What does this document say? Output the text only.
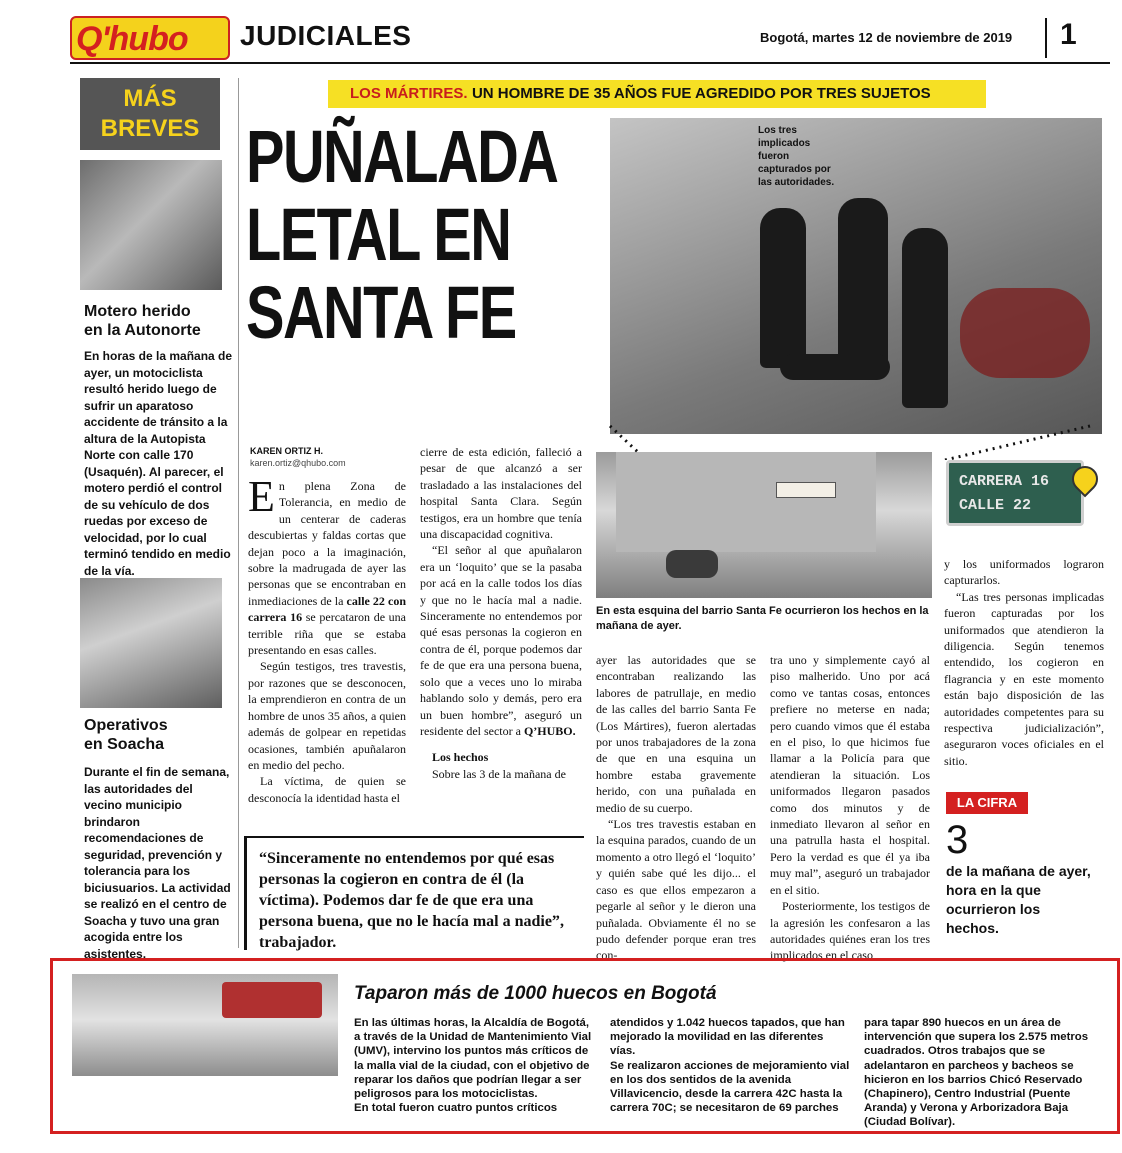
Q'hubo JUDICIALES	Bogotá, martes 12 de noviembre de 2019 1
MÁS
BREVES
Motero herido
en la Autonorte
En horas de la mañana de ayer, un motociclista resultó herido luego de sufrir un aparatoso accidente de tránsito a la altura de la Autopista Norte con calle 170 (Usaquén). Al parecer, el motero perdió el control de su vehículo de dos ruedas por exceso de velocidad, por lo cual terminó tendido en medio de la vía.
Operativos
en Soacha
Durante el fin de semana, las autoridades del vecino municipio brindaron recomendaciones de seguridad, prevención y tolerancia para los biciusuarios. La actividad se realizó en el centro de Soacha y tuvo una gran acogida entre los asistentes.
LOS MÁRTIRES. UN HOMBRE DE 35 AÑOS FUE AGREDIDO POR TRES SUJETOS
PUÑALADA
LETAL EN
SANTA FE
KAREN ORTIZ H.
karen.ortiz@qhubo.com

En plena Zona de Tolerancia, en medio de un centerar de caderas descubiertas y faldas cortas que dejan poco a la imaginación, sobre la madrugada de ayer las personas que se encontraban en inmediaciones de la calle 22 con carrera 16 se percataron de una terrible riña que se estaba presentando en esas calles.

Según testigos, tres travestis, por razones que se desconocen, la emprendieron en contra de un hombre de unos 35 años, a quien además de golpear en repetidas ocasiones, también apuñalaron en medio del pecho.

La víctima, de quien se desconocía la identidad hasta el

cierre de esta edición, falleció a pesar de que alcanzó a ser trasladado a las instalaciones del hospital Santa Clara. Según testigos, era un hombre que tenía una discapacidad cognitiva.

“El señor al que apuñalaron era un ‘loquito’ que se la pasaba por acá en la calle todos los días y que no le hacía mal a nadie. Sinceramente no entendemos por qué esas personas la cogieron en contra de él, porque podemos dar fe de que era una persona buena, solo que a veces uno lo miraba hablando solo y demás, pero era un buen hombre”, aseguró un residente del sector a Q’HUBO.

Los hechos

Sobre las 3 de la mañana de

“Sinceramente no entendemos por qué esas personas la cogieron en contra de él (la víctima). Podemos dar fe de que era una persona buena, que no le hacía mal a nadie”, trabajador.
Los tres implicados fueron capturados por las autoridades.
En esta esquina del barrio Santa Fe ocurrieron los hechos en la mañana de ayer.
CARRERA 16
CALLE 22

ayer las autoridades que se encontraban realizando las labores de patrullaje, en medio de las calles del barrio Santa Fe (Los Mártires), fueron alertadas por unos trabajadores de la zona de que en una esquina un hombre estaba gravemente herido, con una puñalada en medio de su cuerpo.

“Los tres travestis estaban en la esquina parados, cuando de un momento a otro llegó el ‘loquito’ y quién sabe qué les dijo... el caso es que ellos empezaron a pegarle al señor y le dieron una puñalada. Obviamente él no se pudo defender porque eran tres con-

tra uno y simplemente cayó al piso malherido. Uno por acá como ve tantas cosas, entonces prefiere no meterse en nada; pero cuando vimos que él estaba en el piso, lo que hicimos fue llamar a la Policía para que atendieran la situación. Los uniformados llegaron pasados como dos minutos y de inmediato llevaron al señor en una patrulla hasta el hospital. Pero la verdad es que él ya iba muy mal”, aseguró un trabajador en el sitio.

Posteriormente, los testigos de la agresión les confesaron a las autoridades quiénes eran los tres implicados en el caso

y los uniformados lograron capturarlos.

“Las tres personas implicadas fueron capturadas por los uniformados que atendieron la diligencia. Según tenemos entendido, los cogieron en flagrancia y en este momento están bajo disposición de las autoridades competentes para su respectiva judicialización”, aseguraron voces oficiales en el sitio.

LA CIFRA
3
de la mañana de ayer, hora en la que ocurrieron los hechos.
Taparon más de 1000 huecos en Bogotá
En las últimas horas, la Alcaldía de Bogotá, a través de la Unidad de Mantenimiento Vial (UMV), intervino los puntos más críticos de la malla vial de la ciudad, con el objetivo de reparar los daños que podrían llegar a ser peligrosos para los motociclistas.
En total fueron cuatro puntos críticos
atendidos y 1.042 huecos tapados, que han mejorado la movilidad en las diferentes vías.
Se realizaron acciones de mejoramiento vial en los dos sentidos de la avenida Villavicencio, desde la carrera 42C hasta la carrera 70C; se necesitaron de 69 parches
para tapar 890 huecos en un área de intervención que supera los 2.575 metros cuadrados. Otros trabajos que se adelantaron en parcheos y bacheos se hicieron en los barrios Chicó Reservado (Chapinero), Centro Industrial (Puente Aranda) y Verona y Arborizadora Baja (Ciudad Bolívar).
